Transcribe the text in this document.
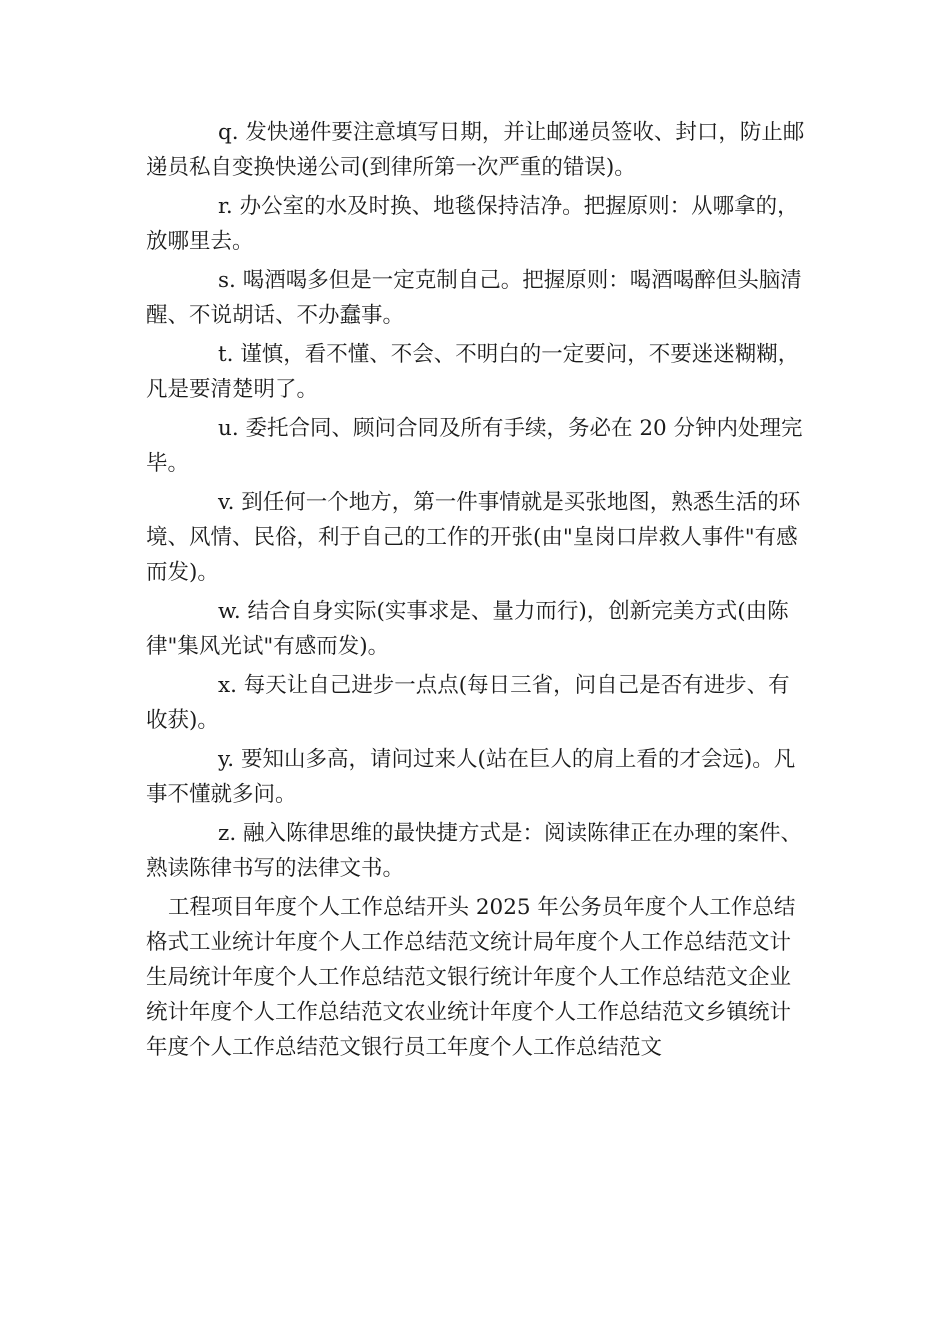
q. 发快递件要注意填写日期，并让邮递员签收、封口，防止邮递员私自变换快递公司(到律所第一次严重的错误)。

r. 办公室的水及时换、地毯保持洁净。把握原则：从哪拿的，放哪里去。

s. 喝酒喝多但是一定克制自己。把握原则：喝酒喝醉但头脑清醒、不说胡话、不办蠢事。

t. 谨慎，看不懂、不会、不明白的一定要问，不要迷迷糊糊，凡是要清楚明了。

u. 委托合同、顾问合同及所有手续，务必在 20 分钟内处理完毕。

v. 到任何一个地方，第一件事情就是买张地图，熟悉生活的环境、风情、民俗，利于自己的工作的开张(由"皇岗口岸救人事件"有感而发)。

w. 结合自身实际(实事求是、量力而行)，创新完美方式(由陈律"集风光试"有感而发)。

x. 每天让自己进步一点点(每日三省，问自己是否有进步、有收获)。

y. 要知山多高，请问过来人(站在巨人的肩上看的才会远)。凡事不懂就多问。

z. 融入陈律思维的最快捷方式是：阅读陈律正在办理的案件、熟读陈律书写的法律文书。

工程项目年度个人工作总结开头 2025 年公务员年度个人工作总结格式工业统计年度个人工作总结范文统计局年度个人工作总结范文计生局统计年度个人工作总结范文银行统计年度个人工作总结范文企业统计年度个人工作总结范文农业统计年度个人工作总结范文乡镇统计年度个人工作总结范文银行员工年度个人工作总结范文
